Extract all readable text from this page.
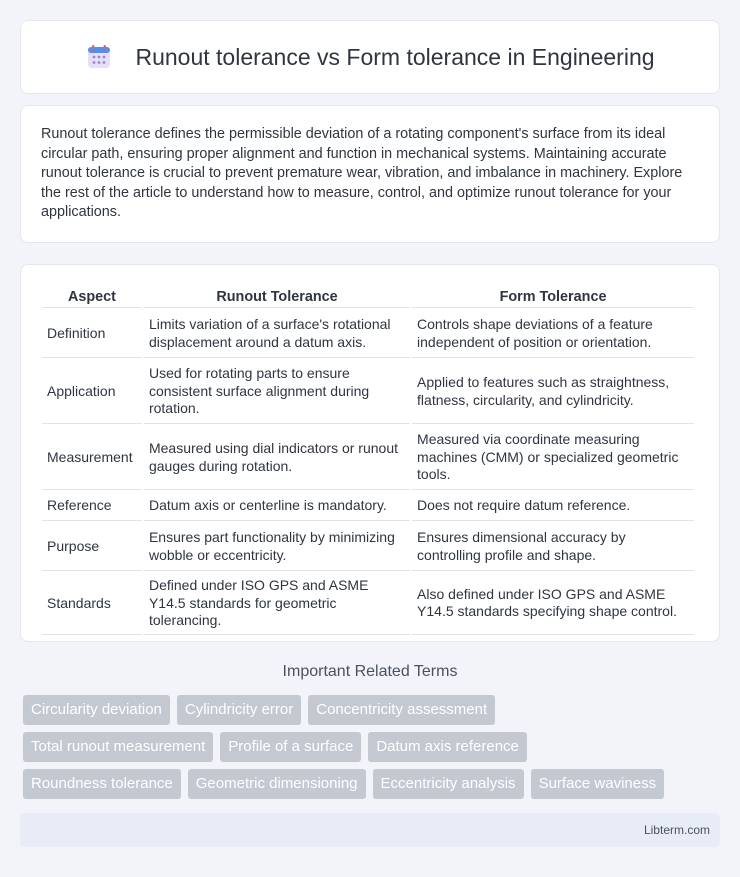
Runout tolerance vs Form tolerance in Engineering

Runout tolerance defines the permissible deviation of a rotating component's surface from its ideal circular path, ensuring proper alignment and function in mechanical systems. Maintaining accurate runout tolerance is crucial to prevent premature wear, vibration, and imbalance in machinery. Explore the rest of the article to understand how to measure, control, and optimize runout tolerance for your applications.

Aspect	Runout Tolerance	Form Tolerance
Definition	Limits variation of a surface's rotational displacement around a datum axis.	Controls shape deviations of a feature independent of position or orientation.
Application	Used for rotating parts to ensure consistent surface alignment during rotation.	Applied to features such as straightness, flatness, circularity, and cylindricity.
Measurement	Measured using dial indicators or runout gauges during rotation.	Measured via coordinate measuring machines (CMM) or specialized geometric tools.
Reference	Datum axis or centerline is mandatory.	Does not require datum reference.
Purpose	Ensures part functionality by minimizing wobble or eccentricity.	Ensures dimensional accuracy by controlling profile and shape.
Standards	Defined under ISO GPS and ASME Y14.5 standards for geometric tolerancing.	Also defined under ISO GPS and ASME Y14.5 standards specifying shape control.
Important Related Terms
Circularity deviation	Cylindricity error	Concentricity assessment
Total runout measurement	Profile of a surface	Datum axis reference
Roundness tolerance	Geometric dimensioning	Eccentricity analysis	Surface waviness
Libterm.com
